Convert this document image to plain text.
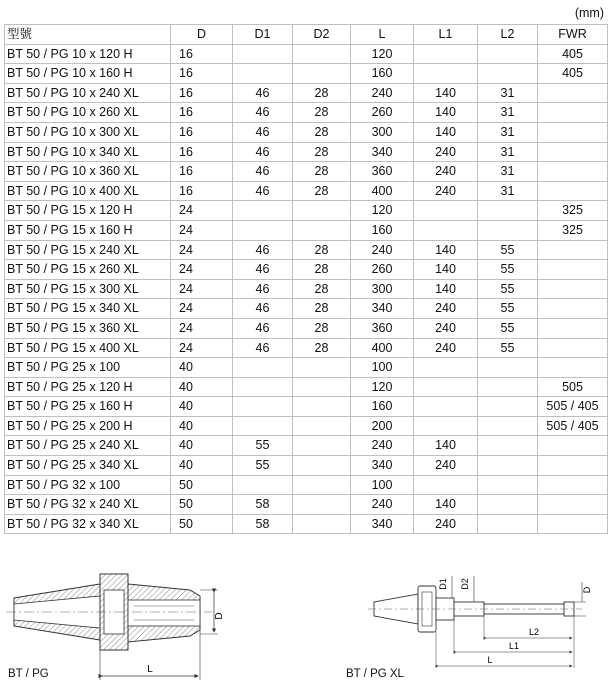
(mm)
型號	D	D1	D2	L	L1	L2	FWR
BT 50 / PG 10 x 120 H	16			120			405
BT 50 / PG 10 x 160 H	16			160			405
BT 50 / PG 10 x 240 XL	16	46	28	240	140	31	
BT 50 / PG 10 x 260 XL	16	46	28	260	140	31	
BT 50 / PG 10 x 300 XL	16	46	28	300	140	31	
BT 50 / PG 10 x 340 XL	16	46	28	340	240	31	
BT 50 / PG 10 x 360 XL	16	46	28	360	240	31	
BT 50 / PG 10 x 400 XL	16	46	28	400	240	31	
BT 50 / PG 15 x 120 H	24			120			325
BT 50 / PG 15 x 160 H	24			160			325
BT 50 / PG 15 x 240 XL	24	46	28	240	140	55	
BT 50 / PG 15 x 260 XL	24	46	28	260	140	55	
BT 50 / PG 15 x 300 XL	24	46	28	300	140	55	
BT 50 / PG 15 x 340 XL	24	46	28	340	240	55	
BT 50 / PG 15 x 360 XL	24	46	28	360	240	55	
BT 50 / PG 15 x 400 XL	24	46	28	400	240	55	
BT 50 / PG 25 x 100	40			100			
BT 50 / PG 25 x 120 H	40			120			505
BT 50 / PG 25 x 160 H	40			160			505 / 405
BT 50 / PG 25 x 200 H	40			200			505 / 405
BT 50 / PG 25 x 240 XL	40	55		240	140		
BT 50 / PG 25 x 340 XL	40	55		340	240		
BT 50 / PG 32 x 100	50			100			
BT 50 / PG 32 x 240 XL	50	58		240	140		
BT 50 / PG 32 x 340 XL	50	58		340	240		
D
L
BT / PG
D1 D2
D
L2
L1
L
BT / PG XL
